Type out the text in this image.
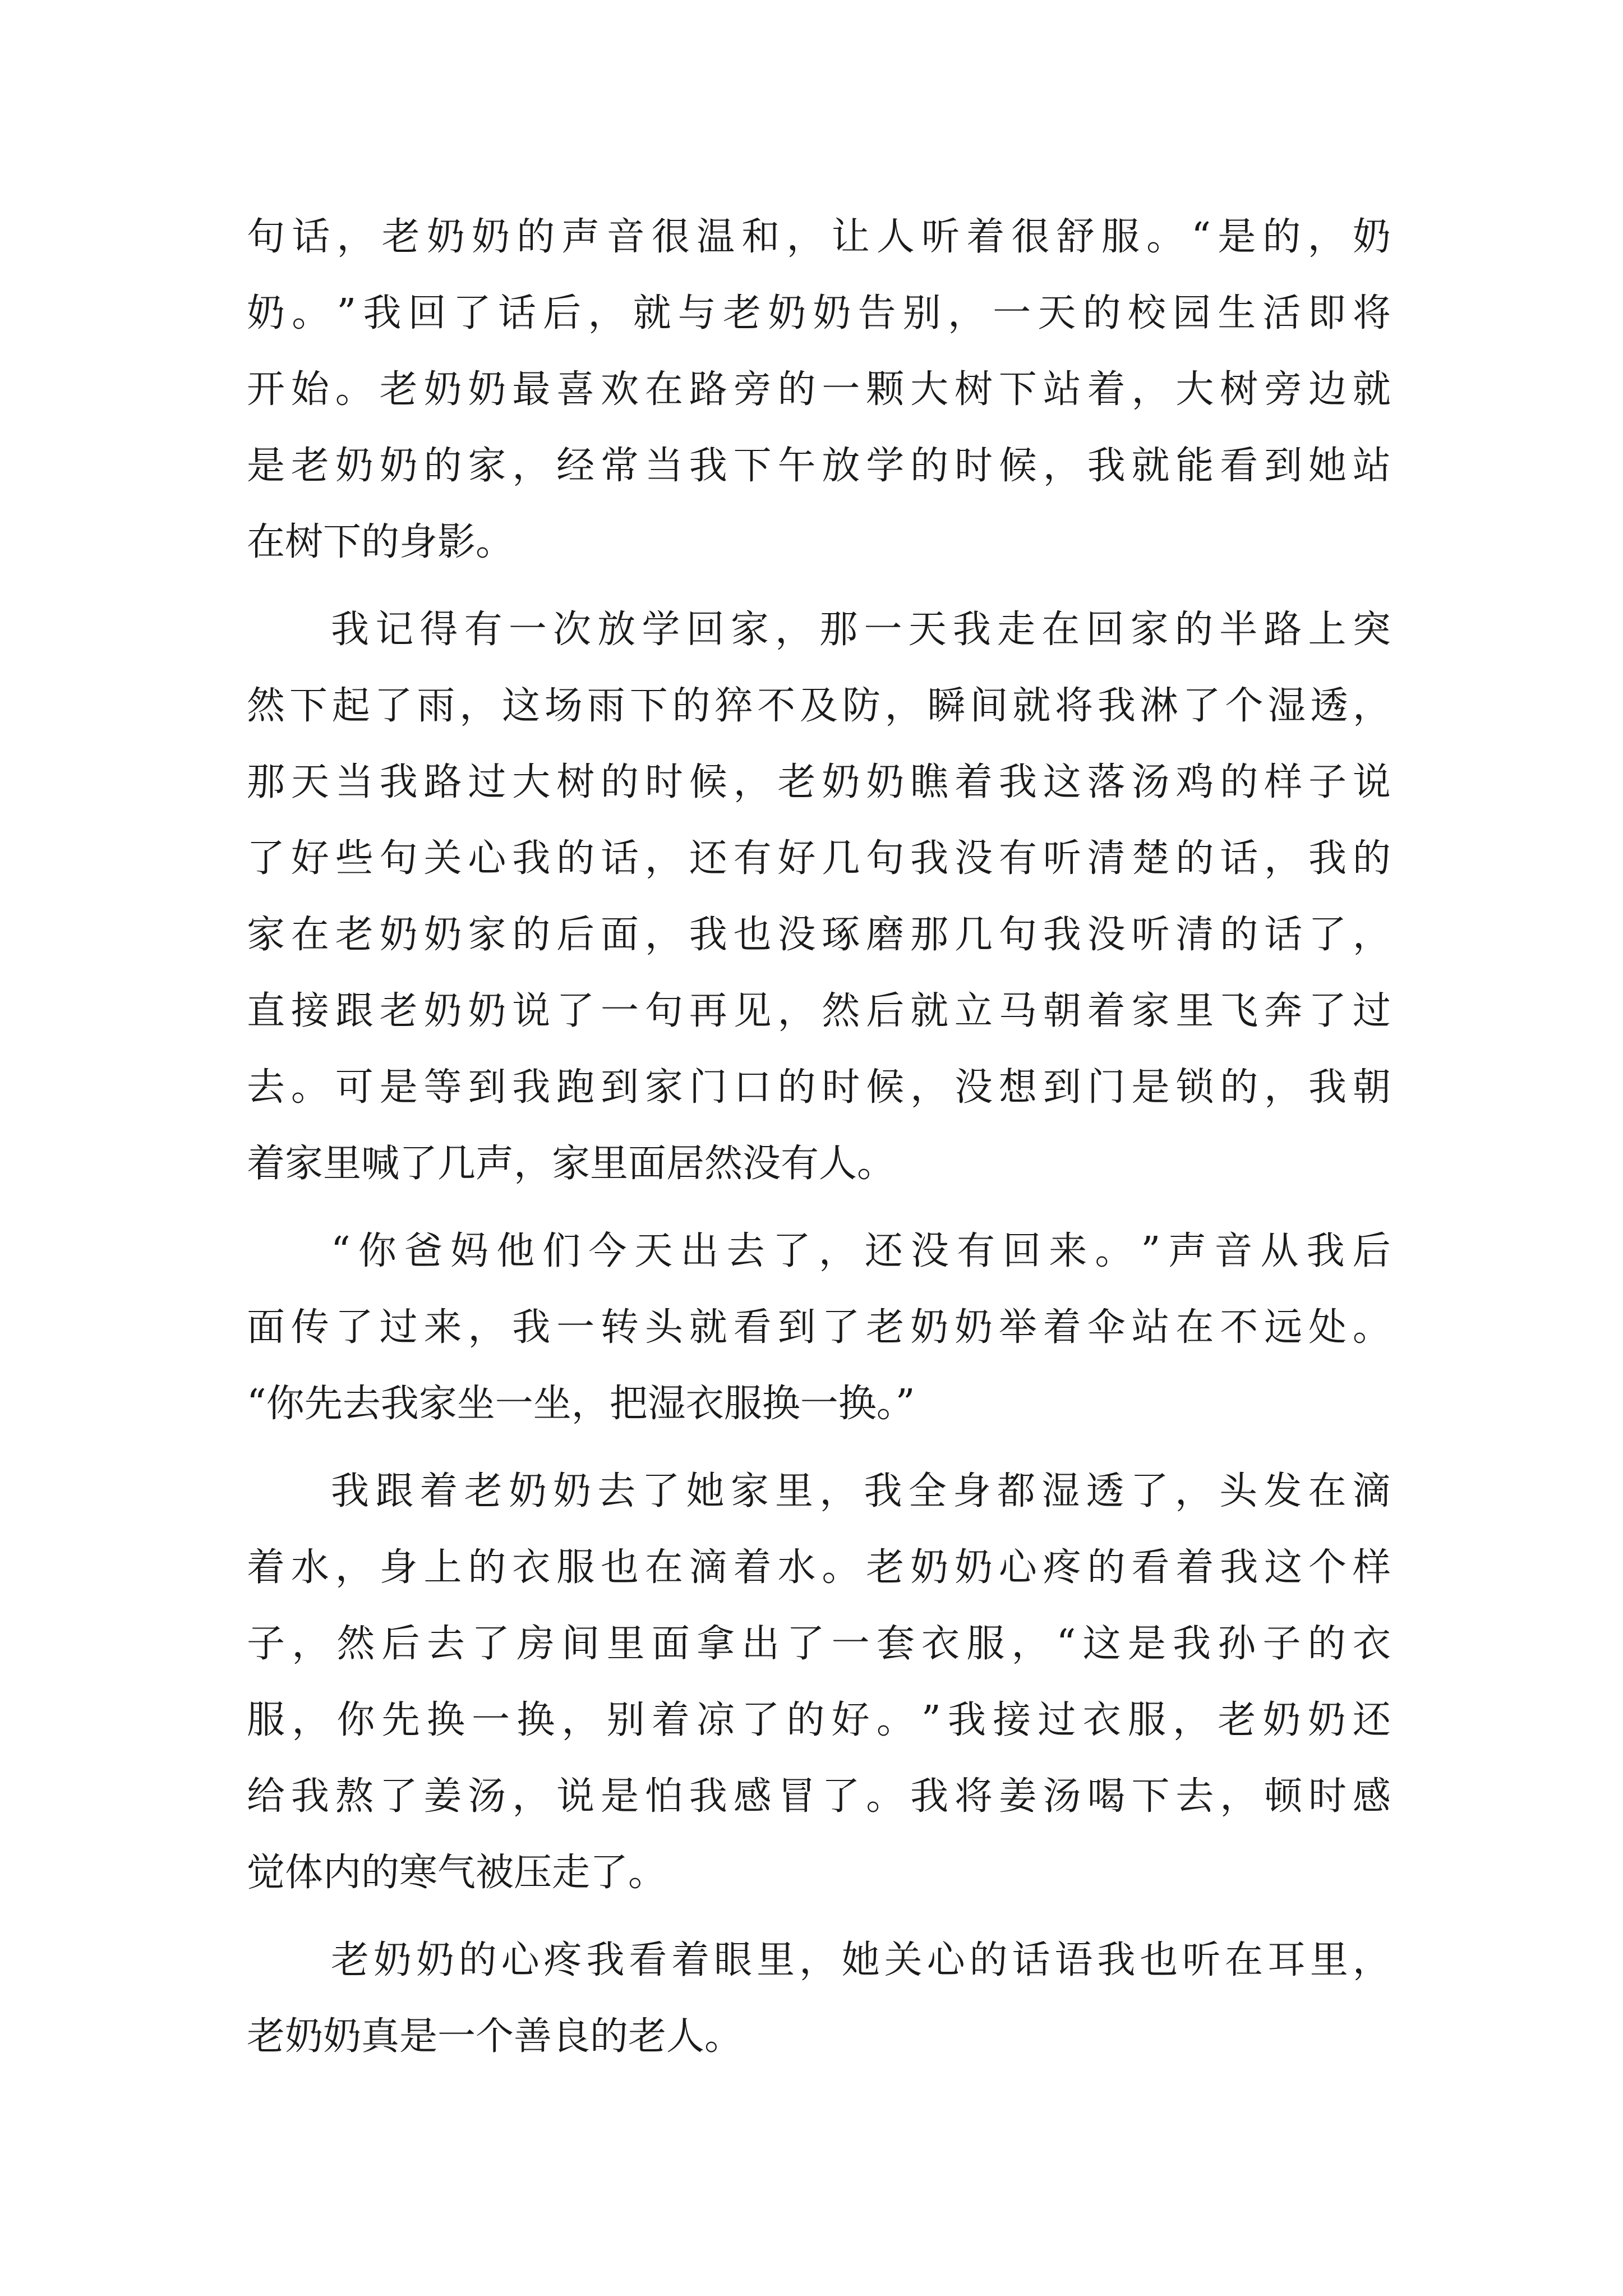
句 话 ， 老 奶 奶 的 声 音 很 温 和 ， 让 人 听 着 很 舒 服 。 “ 是 的 ， 奶
奶 。 ” 我 回 了 话 后 ， 就 与 老 奶 奶 告 别 ， 一 天 的 校 园 生 活 即 将
开 始 。 老 奶 奶 最 喜 欢 在 路 旁 的 一 颗 大 树 下 站 着 ， 大 树 旁 边 就
是 老 奶 奶 的 家 ， 经 常 当 我 下 午 放 学 的 时 候 ， 我 就 能 看 到 她 站
在树下的身影。
我 记 得 有 一 次 放 学 回 家 ， 那 一 天 我 走 在 回 家 的 半 路 上 突
然 下 起 了 雨 ， 这 场 雨 下 的 猝 不 及 防 ， 瞬 间 就 将 我 淋 了 个 湿 透 ，
那 天 当 我 路 过 大 树 的 时 候 ， 老 奶 奶 瞧 着 我 这 落 汤 鸡 的 样 子 说
了 好 些 句 关 心 我 的 话 ， 还 有 好 几 句 我 没 有 听 清 楚 的 话 ， 我 的
家 在 老 奶 奶 家 的 后 面 ， 我 也 没 琢 磨 那 几 句 我 没 听 清 的 话 了 ，
直 接 跟 老 奶 奶 说 了 一 句 再 见 ， 然 后 就 立 马 朝 着 家 里 飞 奔 了 过
去 。 可 是 等 到 我 跑 到 家 门 口 的 时 候 ， 没 想 到 门 是 锁 的 ， 我 朝
着家里喊了几声，家里面居然没有人。
“ 你 爸 妈 他 们 今 天 出 去 了 ， 还 没 有 回 来 。 ” 声 音 从 我 后
面 传 了 过 来 ， 我 一 转 头 就 看 到 了 老 奶 奶 举 着 伞 站 在 不 远 处 。
“你先去我家坐一坐，把湿衣服换一换。”
我 跟 着 老 奶 奶 去 了 她 家 里 ， 我 全 身 都 湿 透 了 ， 头 发 在 滴
着 水 ， 身 上 的 衣 服 也 在 滴 着 水 。 老 奶 奶 心 疼 的 看 着 我 这 个 样
子 ， 然 后 去 了 房 间 里 面 拿 出 了 一 套 衣 服 ， “ 这 是 我 孙 子 的 衣
服 ， 你 先 换 一 换 ， 别 着 凉 了 的 好 。 ” 我 接 过 衣 服 ， 老 奶 奶 还
给 我 熬 了 姜 汤 ， 说 是 怕 我 感 冒 了 。 我 将 姜 汤 喝 下 去 ， 顿 时 感
觉体内的寒气被压走了。
老 奶 奶 的 心 疼 我 看 着 眼 里 ， 她 关 心 的 话 语 我 也 听 在 耳 里 ，
老奶奶真是一个善良的老人。
